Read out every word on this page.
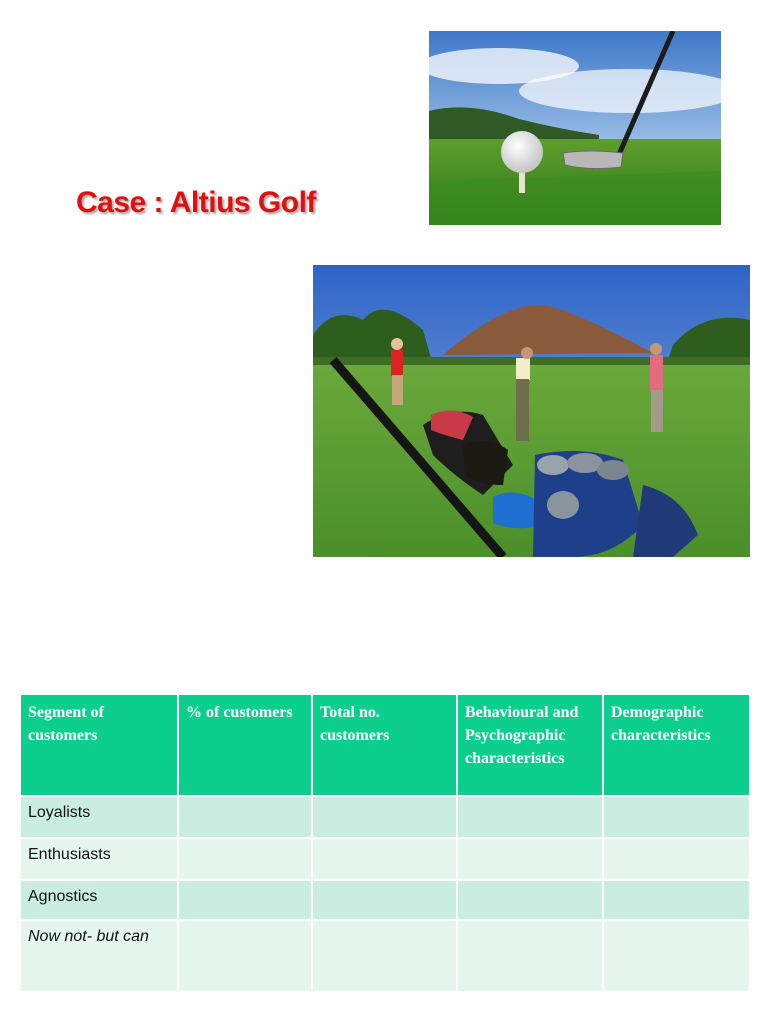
Case : Altius Golf
Segment of customers	% of customers	Total no. customers	Behavioural and Psychographic characteristics	Demographic characteristics
Loyalists				
Enthusiasts				
Agnostics				
Now not- but can				
